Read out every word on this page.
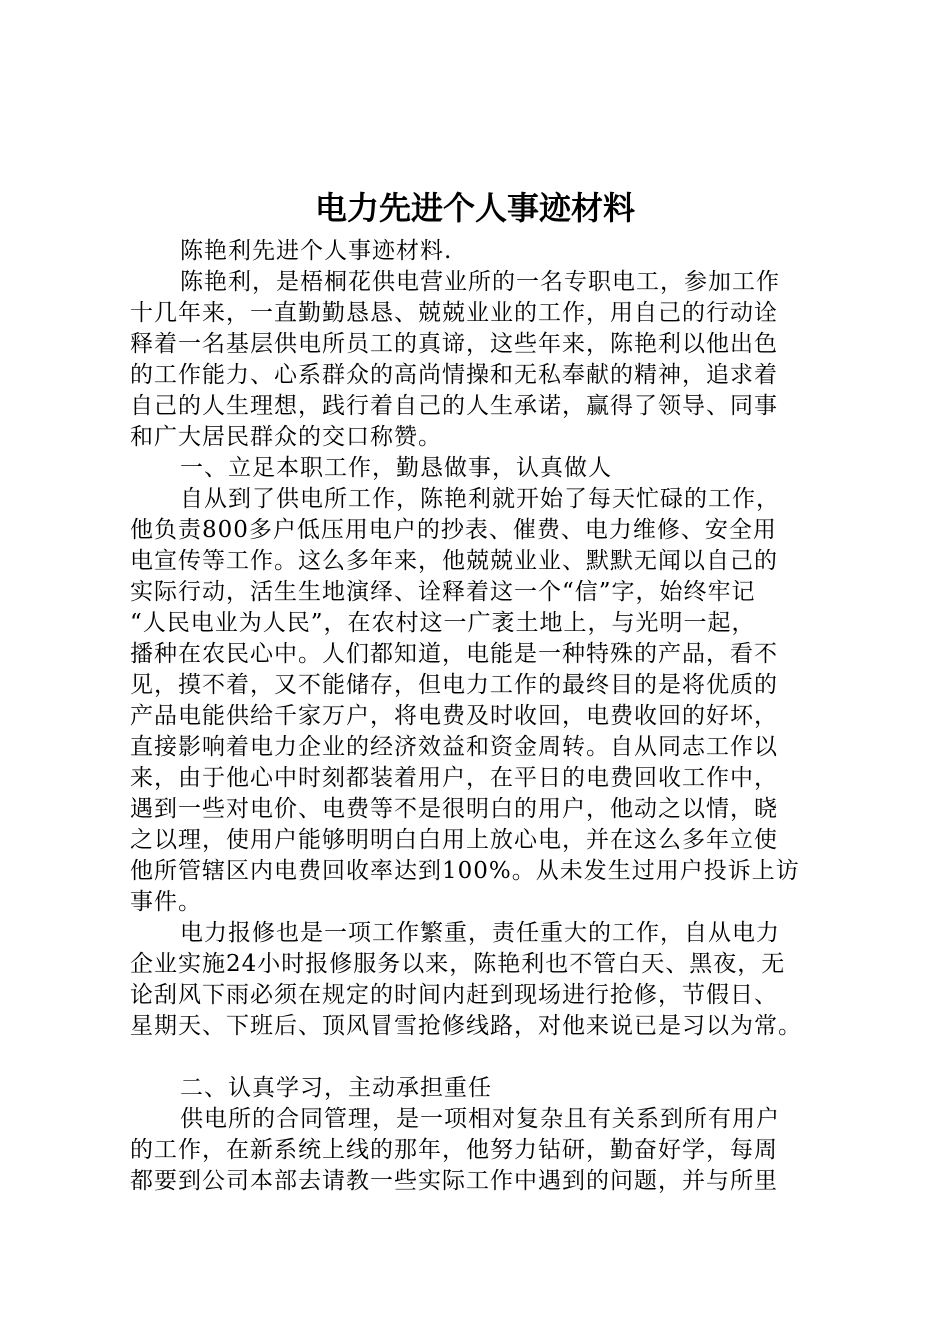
电力先进个人事迹材料
陈艳利先进个人事迹材料.
陈艳利，是梧桐花供电营业所的一名专职电工，参加工作
十几年来，一直勤勤恳恳、兢兢业业的工作，用自己的行动诠
释着一名基层供电所员工的真谛，这些年来，陈艳利以他出色
的工作能力、心系群众的高尚情操和无私奉献的精神，追求着
自己的人生理想，践行着自己的人生承诺，赢得了领导、同事
和广大居民群众的交口称赞。
一、立足本职工作，勤恳做事，认真做人
自从到了供电所工作，陈艳利就开始了每天忙碌的工作，
他负责800多户低压用电户的抄表、催费、电力维修、安全用
电宣传等工作。这么多年来，他兢兢业业、默默无闻以自己的
实际行动，活生生地演绎、诠释着这一个“信”字，始终牢记
“人民电业为人民”，在农村这一广袤土地上，与光明一起，
播种在农民心中。人们都知道，电能是一种特殊的产品，看不
见，摸不着，又不能储存，但电力工作的最终目的是将优质的
产品电能供给千家万户，将电费及时收回，电费收回的好坏，
直接影响着电力企业的经济效益和资金周转。自从同志工作以
来，由于他心中时刻都装着用户，在平日的电费回收工作中，
遇到一些对电价、电费等不是很明白的用户，他动之以情，晓
之以理，使用户能够明明白白用上放心电，并在这么多年立使
他所管辖区内电费回收率达到100%。从未发生过用户投诉上访
事件。
电力报修也是一项工作繁重，责任重大的工作，自从电力
企业实施24小时报修服务以来，陈艳利也不管白天、黑夜，无
论刮风下雨必须在规定的时间内赶到现场进行抢修，节假日、
星期天、下班后、顶风冒雪抢修线路，对他来说已是习以为常。
二、认真学习，主动承担重任
供电所的合同管理，是一项相对复杂且有关系到所有用户
的工作，在新系统上线的那年，他努力钻研，勤奋好学，每周
都要到公司本部去请教一些实际工作中遇到的问题，并与所里
